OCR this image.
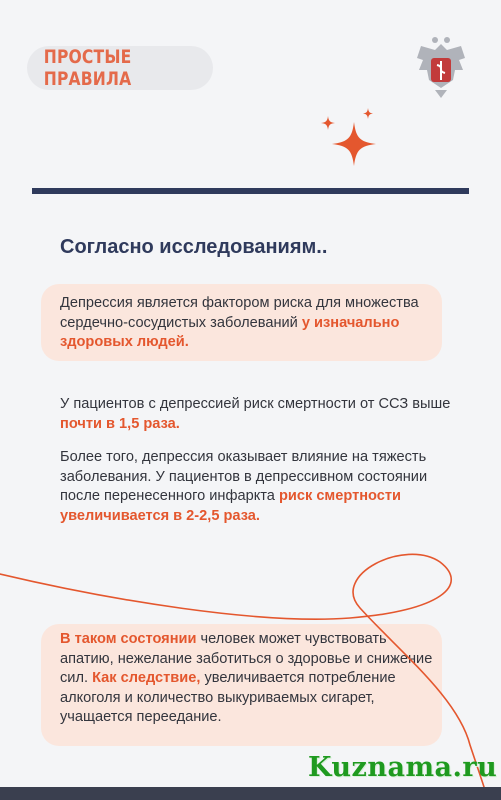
ПРОСТЫЕ ПРАВИЛА
Согласно исследованиям..

Депрессия является фактором риска для множества сердечно-сосудистых заболеваний у изначально здоровых людей.

У пациентов с депрессией риск смертности от ССЗ выше почти в 1,5 раза.

Более того, депрессия оказывает влияние на тяжесть заболевания. У пациентов в депрессивном состоянии после перенесенного инфаркта риск смертности увеличивается в 2-2,5 раза.

В таком состоянии человек может чувствовать апатию, нежелание заботиться о здоровье и снижение сил. Как следствие, увеличивается потребление алкоголя и количество выкуриваемых сигарет, учащается переедание.

Kuznama.ru
